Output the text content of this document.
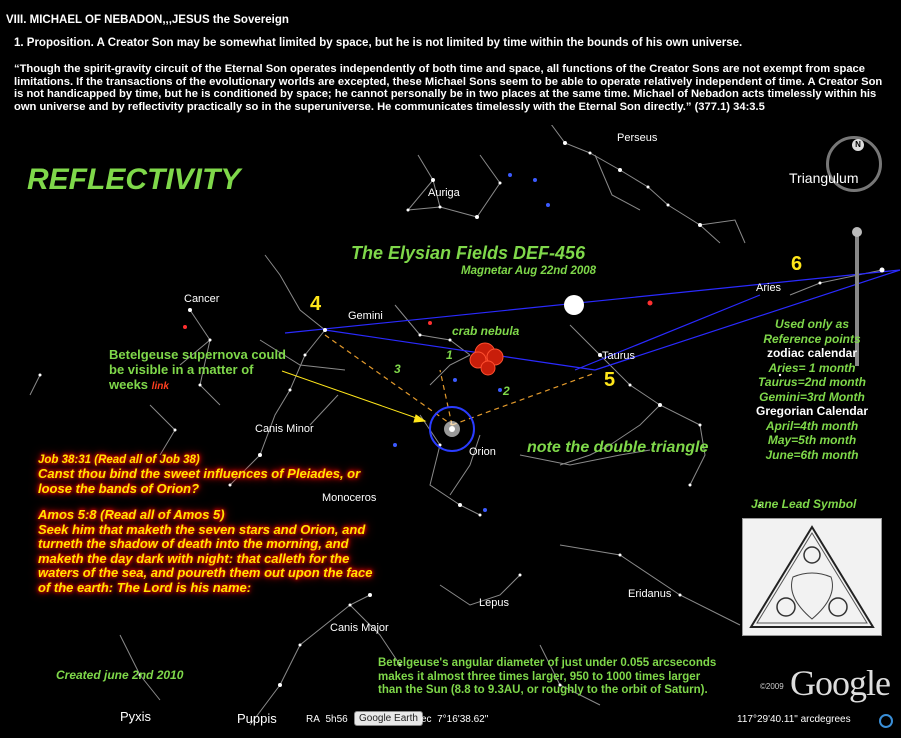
VIII. MICHAEL OF NEBADON,,,JESUS the Sovereign
1. Proposition. A Creator Son may be somewhat limited by space, but he is not limited by time within the bounds of his own universe.
“Though the spirit-gravity circuit of the Eternal Son operates independently of both time and space, all functions of the Creator Sons are not exempt from space limitations. If the transactions of the evolutionary worlds are excepted, these Michael Sons seem to be able to operate relatively independent of time. A Creator Son is not handicapped by time, but he is conditioned by space; he cannot personally be in two places at the same time. Michael of Nebadon acts timelessly within his own universe and by reflectivity practically so in the superuniverse. He communicates timelessly with the Eternal Son directly.” (377.1) 34:3.5
N
Perseus
Triangulum
Auriga
Aries
Cancer
Gemini
Taurus
Canis Minor
Orion
Monoceros
Eridanus
Lepus
Canis Major
Pyxis	Puppis
REFLECTIVITY
The Elysian Fields DEF-456
Magnetar Aug 22nd 2008
crab nebula
note the double triangle
Betelgeuse supernova could
be visible in a matter of
weeks link
4
5
6
1
2
3
Used only as
Reference points
zodiac calendar
Aries= 1 month
Taurus=2nd month
Gemini=3rd Month
Gregorian Calendar
April=4th month
May=5th month
June=6th month
Job 38:31 (Read all of Job 38)
Canst thou bind the sweet influences of Pleiades, or
loose the bands of Orion?
Amos 5:8 (Read all of Amos 5)
Seek him that maketh the seven stars and Orion, and
turneth the shadow of death into the morning, and
maketh the day dark with night: that calleth for the
waters of the sea, and poureth them out upon the face
of the earth: The Lord is his name:
Jane Lead Symbol
Created june 2nd 2010
Betelgeuse's angular diameter of just under 0.055 arcseconds
makes it almost three times larger, 950 to 1000 times larger
than the Sun (8.8 to 9.3AU, or roughly to the orbit of Saturn).	©2009 Google
RA 5h56	Google Earth ec 7°16'38.62"	117°29'40.11" arcdegrees
